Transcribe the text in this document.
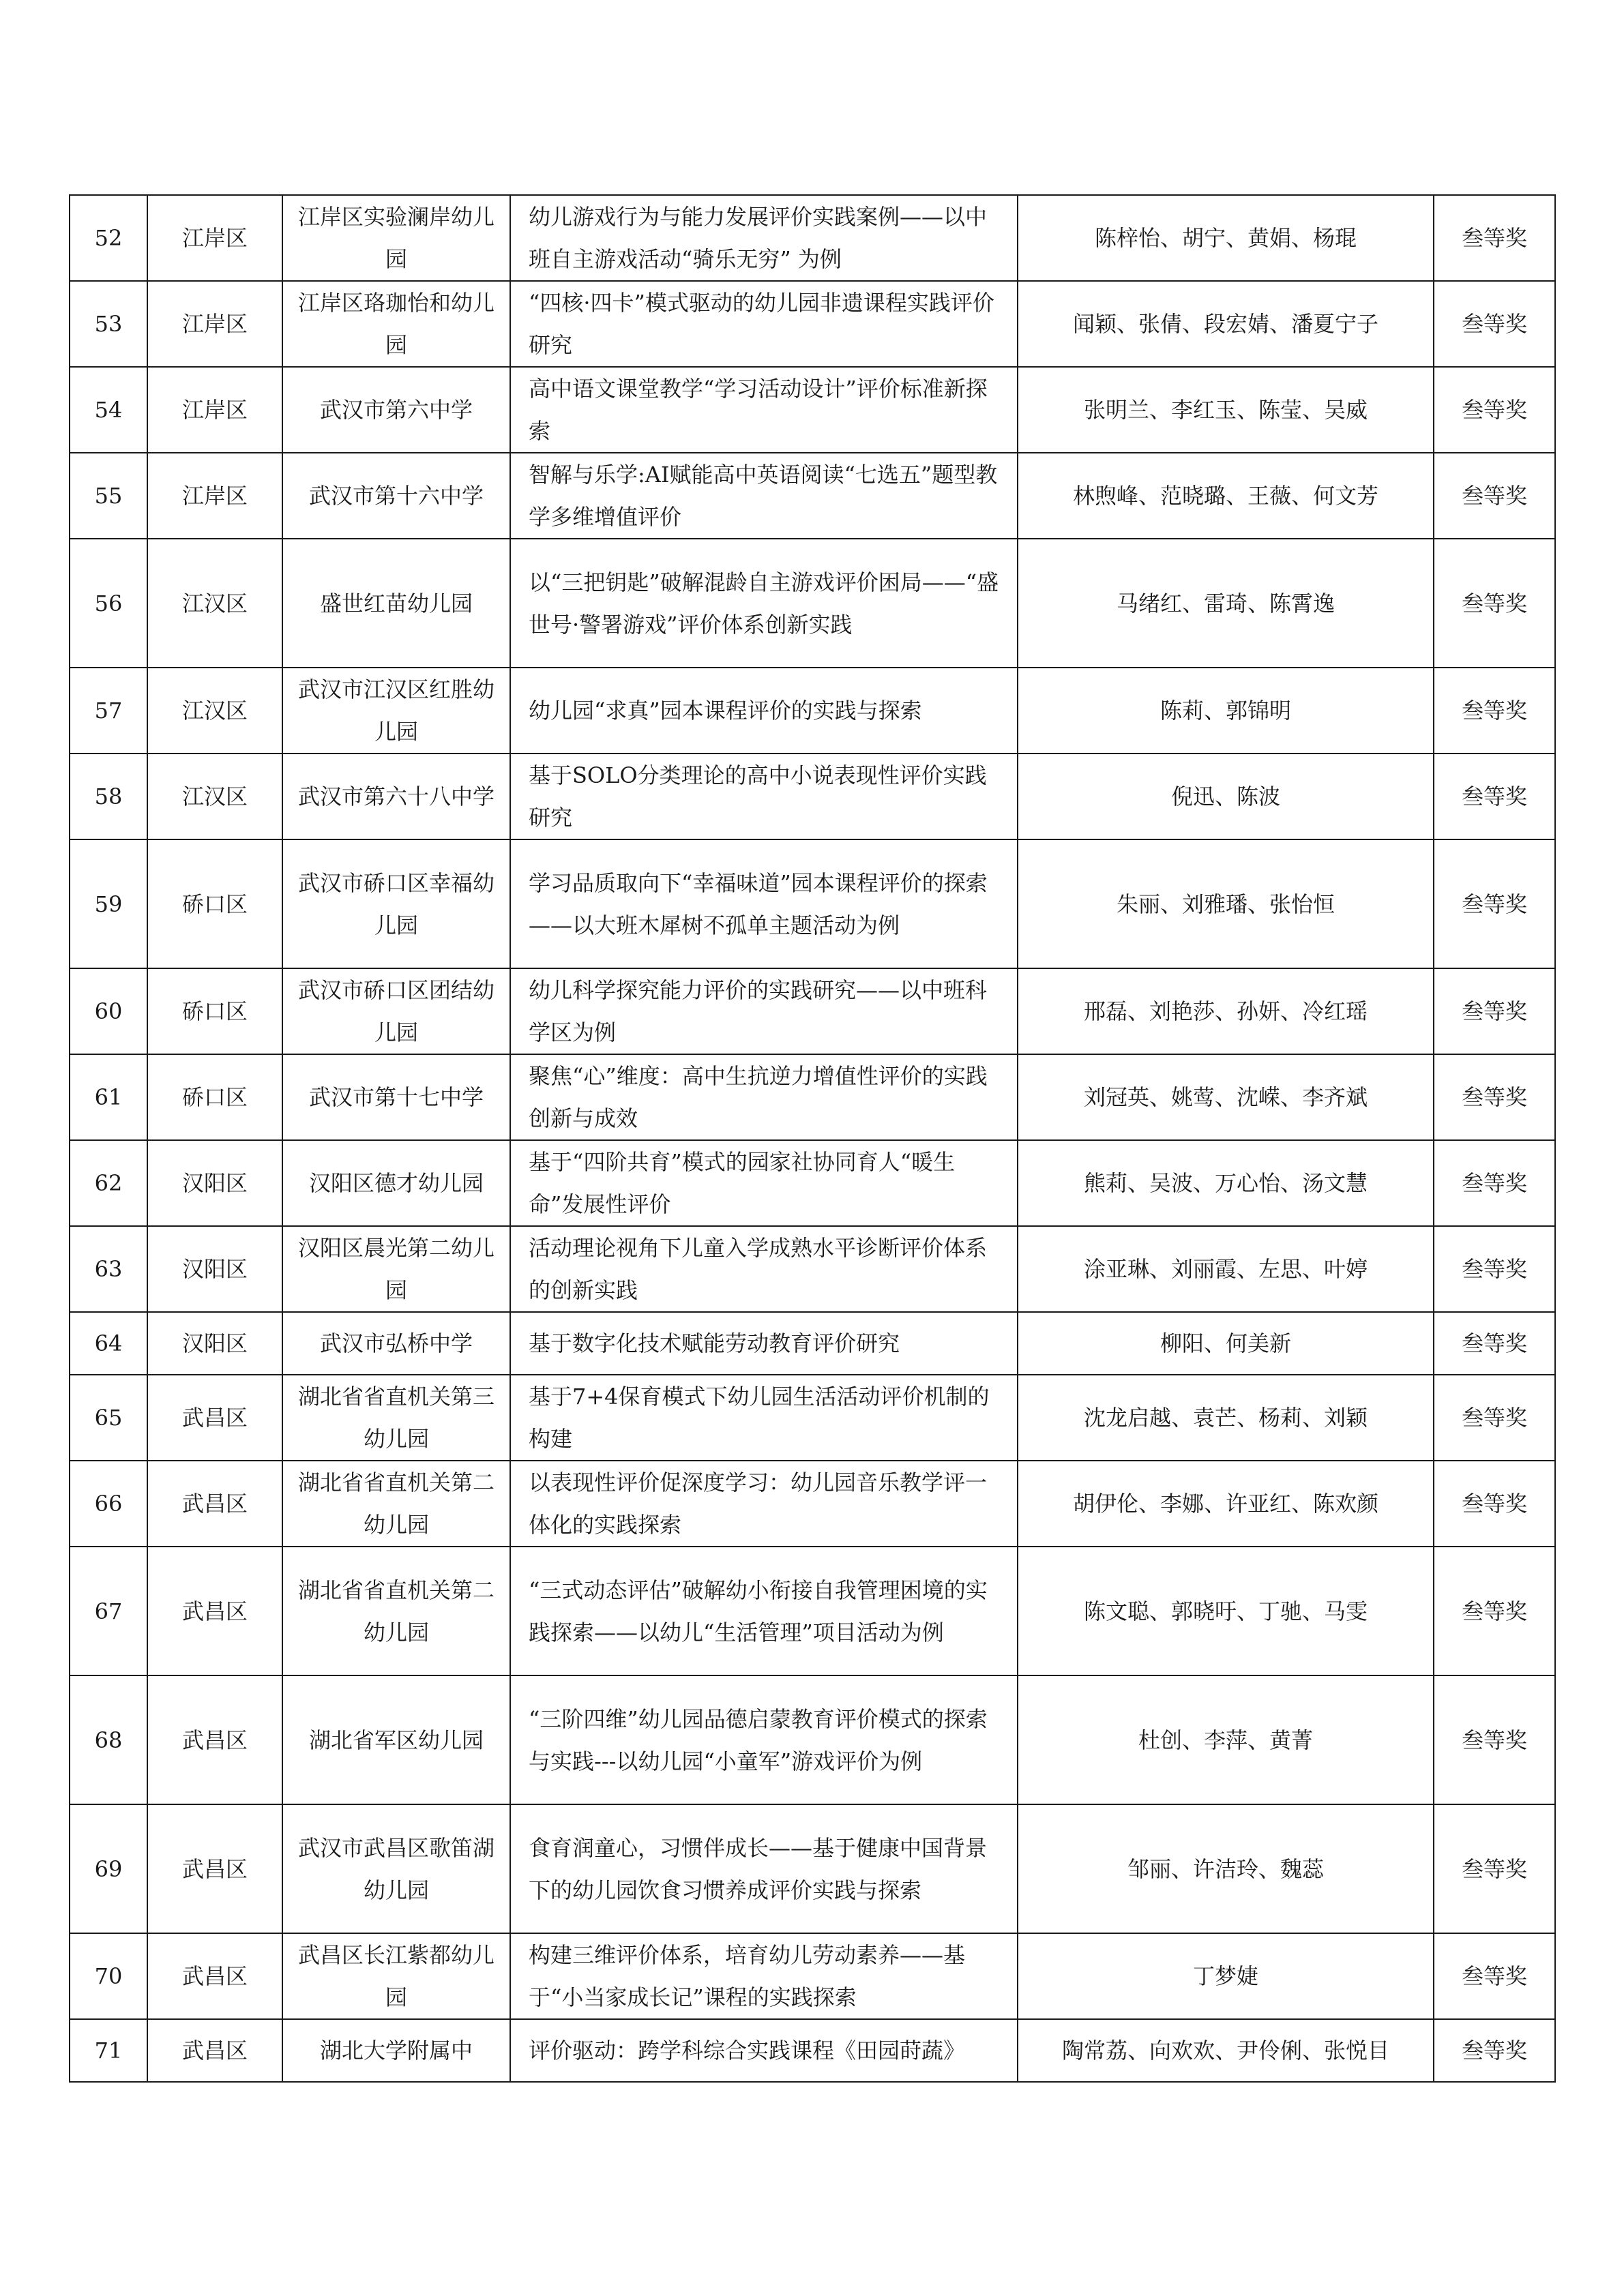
52	江岸区	江岸区实验澜岸幼儿园	幼儿游戏行为与能力发展评价实践案例——以中班自主游戏活动“骑乐无穷” 为例	陈梓怡、胡宁、黄娟、杨琨	叁等奖
53	江岸区	江岸区珞珈怡和幼儿园	“四核·四卡”模式驱动的幼儿园非遗课程实践评价研究	闻颖、张倩、段宏婧、潘夏宁子	叁等奖
54	江岸区	武汉市第六中学	高中语文课堂教学“学习活动设计”评价标准新探索	张明兰、李红玉、陈莹、吴威	叁等奖
55	江岸区	武汉市第十六中学	智解与乐学:AI赋能高中英语阅读“七选五”题型教学多维增值评价	林煦峰、范晓璐、王薇、何文芳	叁等奖
56	江汉区	盛世红苗幼儿园	以“三把钥匙”破解混龄自主游戏评价困局——“盛世号·警署游戏”评价体系创新实践	马绪红、雷琦、陈霄逸	叁等奖
57	江汉区	武汉市江汉区红胜幼儿园	幼儿园“求真”园本课程评价的实践与探索	陈莉、郭锦明	叁等奖
58	江汉区	武汉市第六十八中学	基于SOLO分类理论的高中小说表现性评价实践研究	倪迅、陈波	叁等奖
59	硚口区	武汉市硚口区幸福幼儿园	学习品质取向下“幸福味道”园本课程评价的探索——以大班木犀树不孤单主题活动为例	朱丽、刘雅璠、张怡恒	叁等奖
60	硚口区	武汉市硚口区团结幼儿园	幼儿科学探究能力评价的实践研究——以中班科学区为例	邢磊、刘艳莎、孙妍、冷红瑶	叁等奖
61	硚口区	武汉市第十七中学	聚焦“心”维度：高中生抗逆力增值性评价的实践创新与成效	刘冠英、姚莺、沈嵘、李齐斌	叁等奖
62	汉阳区	汉阳区德才幼儿园	基于“四阶共育”模式的园家社协同育人“暖生命”发展性评价	熊莉、吴波、万心怡、汤文慧	叁等奖
63	汉阳区	汉阳区晨光第二幼儿园	活动理论视角下儿童入学成熟水平诊断评价体系的创新实践	涂亚琳、刘丽霞、左思、叶婷	叁等奖
64	汉阳区	武汉市弘桥中学	基于数字化技术赋能劳动教育评价研究	柳阳、何美新	叁等奖
65	武昌区	湖北省省直机关第三幼儿园	基于7+4保育模式下幼儿园生活活动评价机制的构建	沈龙启越、袁芒、杨莉、刘颖	叁等奖
66	武昌区	湖北省省直机关第二幼儿园	以表现性评价促深度学习：幼儿园音乐教学评一体化的实践探索	胡伊伦、李娜、许亚红、陈欢颜	叁等奖
67	武昌区	湖北省省直机关第二幼儿园	“三式动态评估”破解幼小衔接自我管理困境的实践探索——以幼儿“生活管理”项目活动为例	陈文聪、郭晓吁、丁驰、马雯	叁等奖
68	武昌区	湖北省军区幼儿园	“三阶四维”幼儿园品德启蒙教育评价模式的探索与实践---以幼儿园“小童军”游戏评价为例	杜创、李萍、黄菁	叁等奖
69	武昌区	武汉市武昌区歌笛湖幼儿园	食育润童心，习惯伴成长——基于健康中国背景下的幼儿园饮食习惯养成评价实践与探索	邹丽、许洁玲、魏蕊	叁等奖
70	武昌区	武昌区长江紫都幼儿园	构建三维评价体系，培育幼儿劳动素养——基于“小当家成长记”课程的实践探索	丁梦婕	叁等奖
71	武昌区	湖北大学附属中	评价驱动：跨学科综合实践课程《田园莳蔬》	陶常荔、向欢欢、尹伶俐、张悦目	叁等奖
